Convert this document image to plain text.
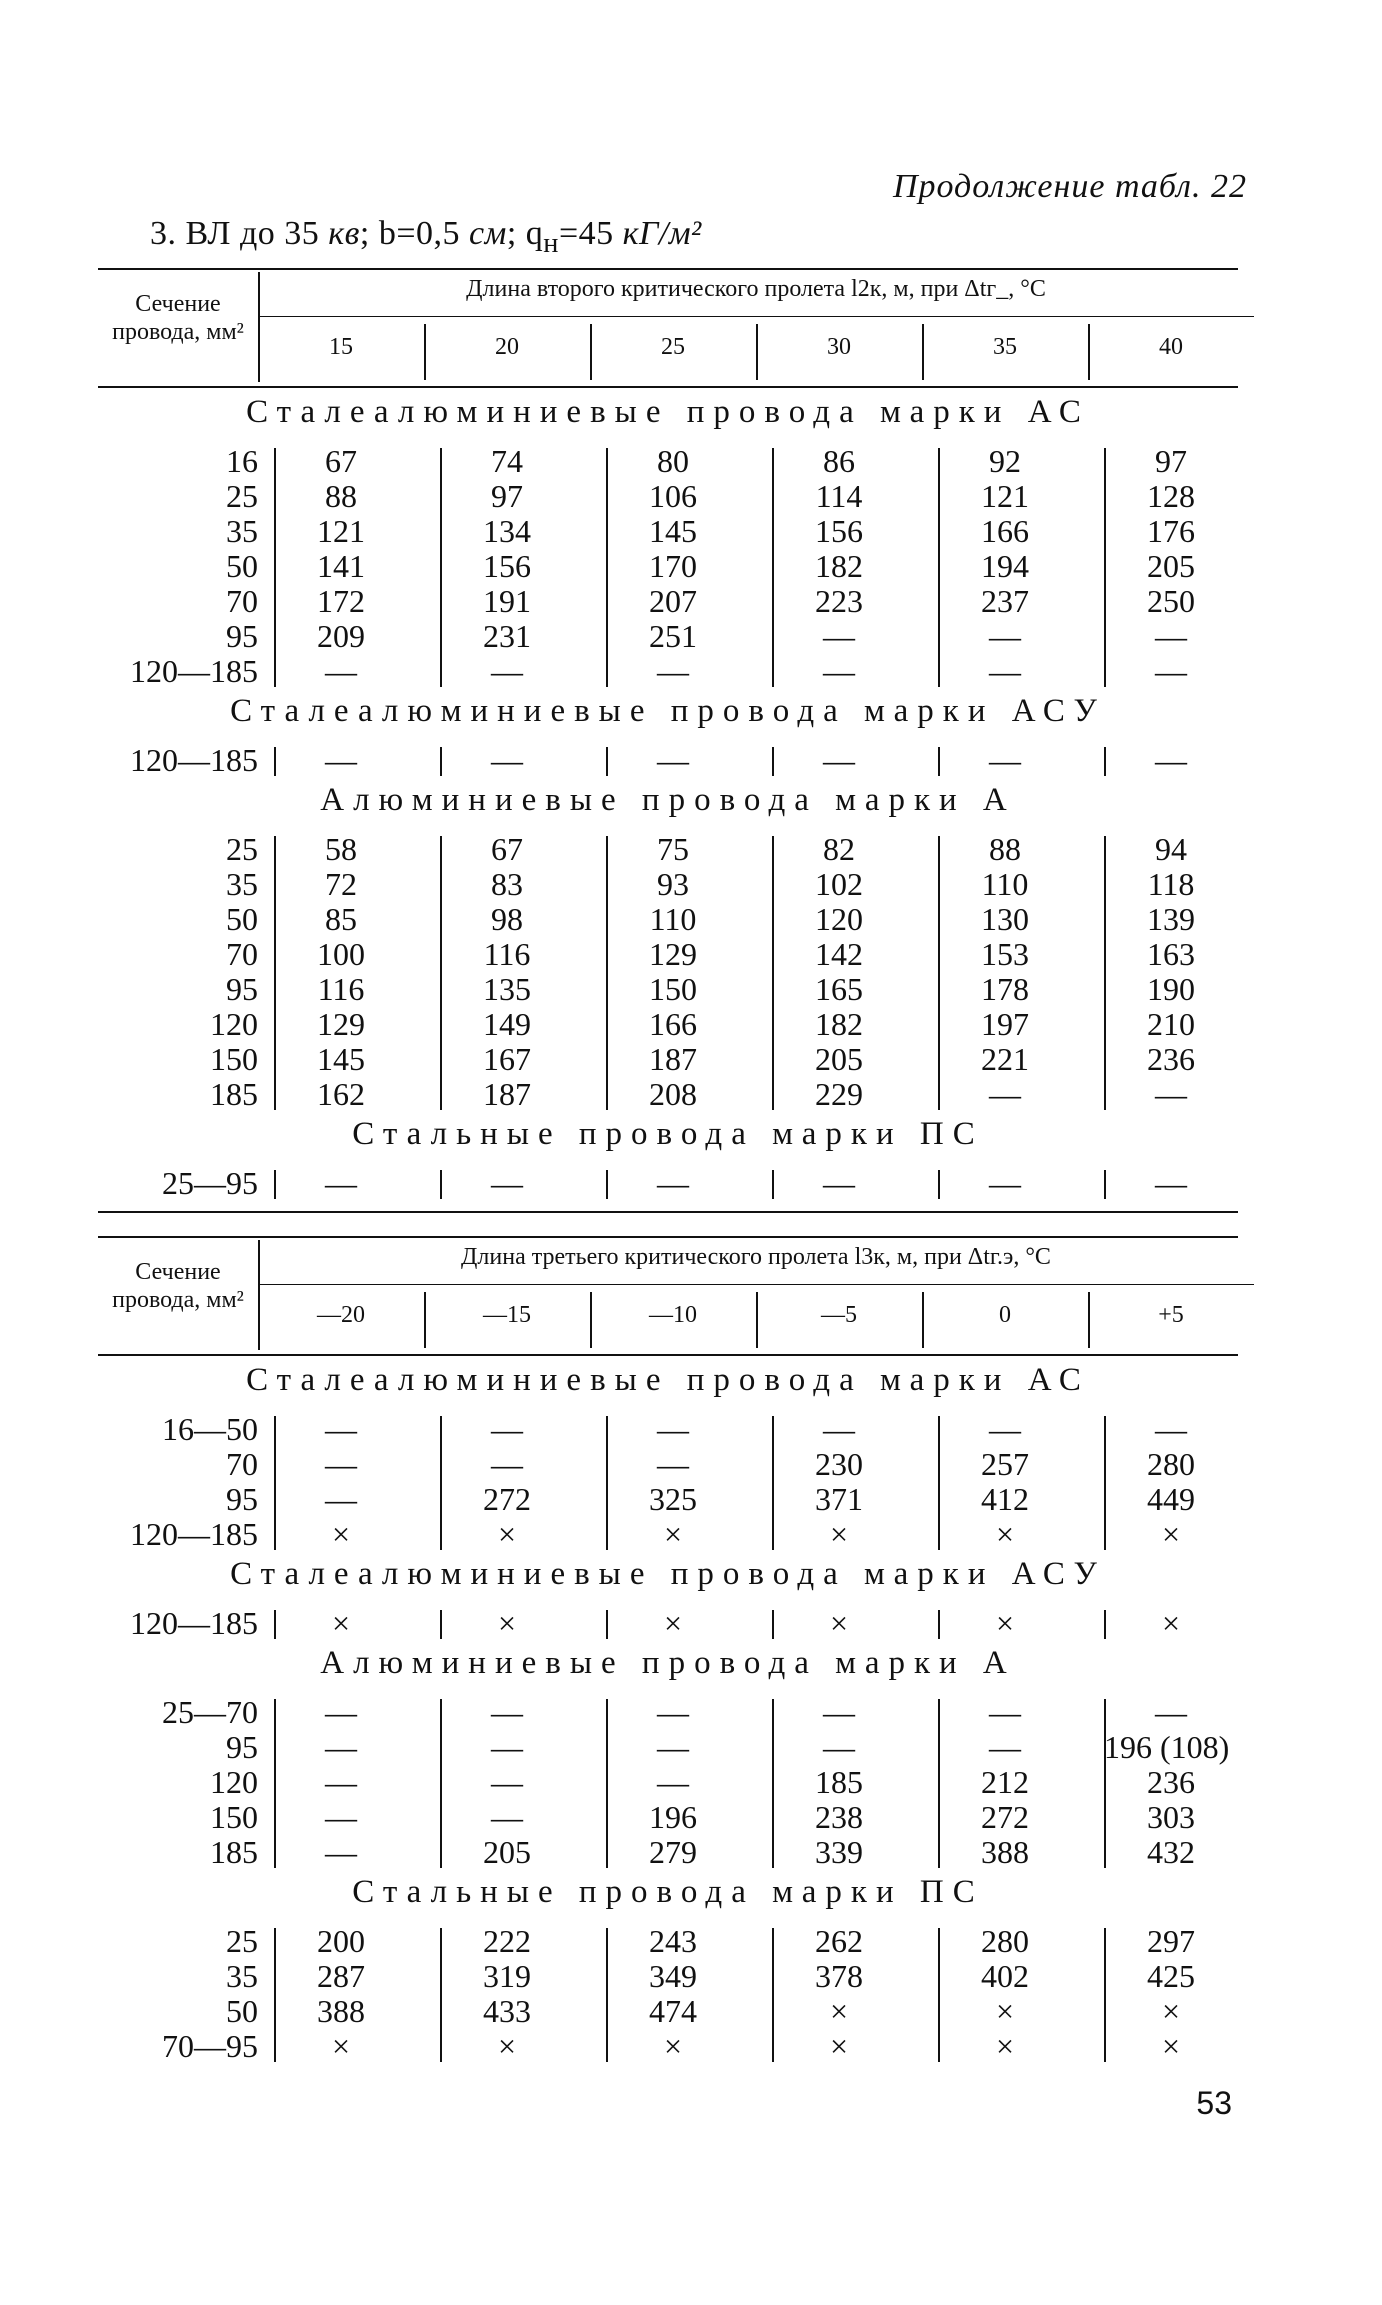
Продолжение табл. 22
3. ВЛ до 35 кв; b=0,5 см; $q_н=45$ кГ/м²
Сечение провода, мм²
Длина второго критического пролета l2к, м, при Δtг_, °C
15	20	25	30	35	40
Сталеалюминиевые провода марки АС
16	67	74	80	86	92	97
25	88	97	106	114	121	128
35	121	134	145	156	166	176
50	141	156	170	182	194	205
70	172	191	207	223	237	250
95	209	231	251	—	—	—
120—185	—	—	—	—	—	—
Сталеалюминиевые провода марки АСУ
120—185	—	—	—	—	—	—
Алюминиевые провода марки А
25	58	67	75	82	88	94
35	72	83	93	102	110	118
50	85	98	110	120	130	139
70	100	116	129	142	153	163
95	116	135	150	165	178	190
120	129	149	166	182	197	210
150	145	167	187	205	221	236
185	162	187	208	229	—	—
Стальные провода марки ПС
25—95	—	—	—	—	—	—
Сечение провода, мм²
Длина третьего критического пролета l3к, м, при Δtг.э, °C
—20	—15	—10	—5	0	+5
Сталеалюминиевые провода марки АС
16—50	—	—	—	—	—	—
70	—	—	—	230	257	280
95	—	272	325	371	412	449
120—185	×	×	×	×	×	×
Сталеалюминиевые провода марки АСУ
120—185	×	×	×	×	×	×
Алюминиевые провода марки А
25—70	—	—	—	—	—	—
95	—	—	—	—	—	196 (108)
120	—	—	—	185	212	236
150	—	—	196	238	272	303
185	—	205	279	339	388	432
Стальные провода марки ПС
25	200	222	243	262	280	297
35	287	319	349	378	402	425
50	388	433	474	×	×	×
70—95	×	×	×	×	×	×
53
